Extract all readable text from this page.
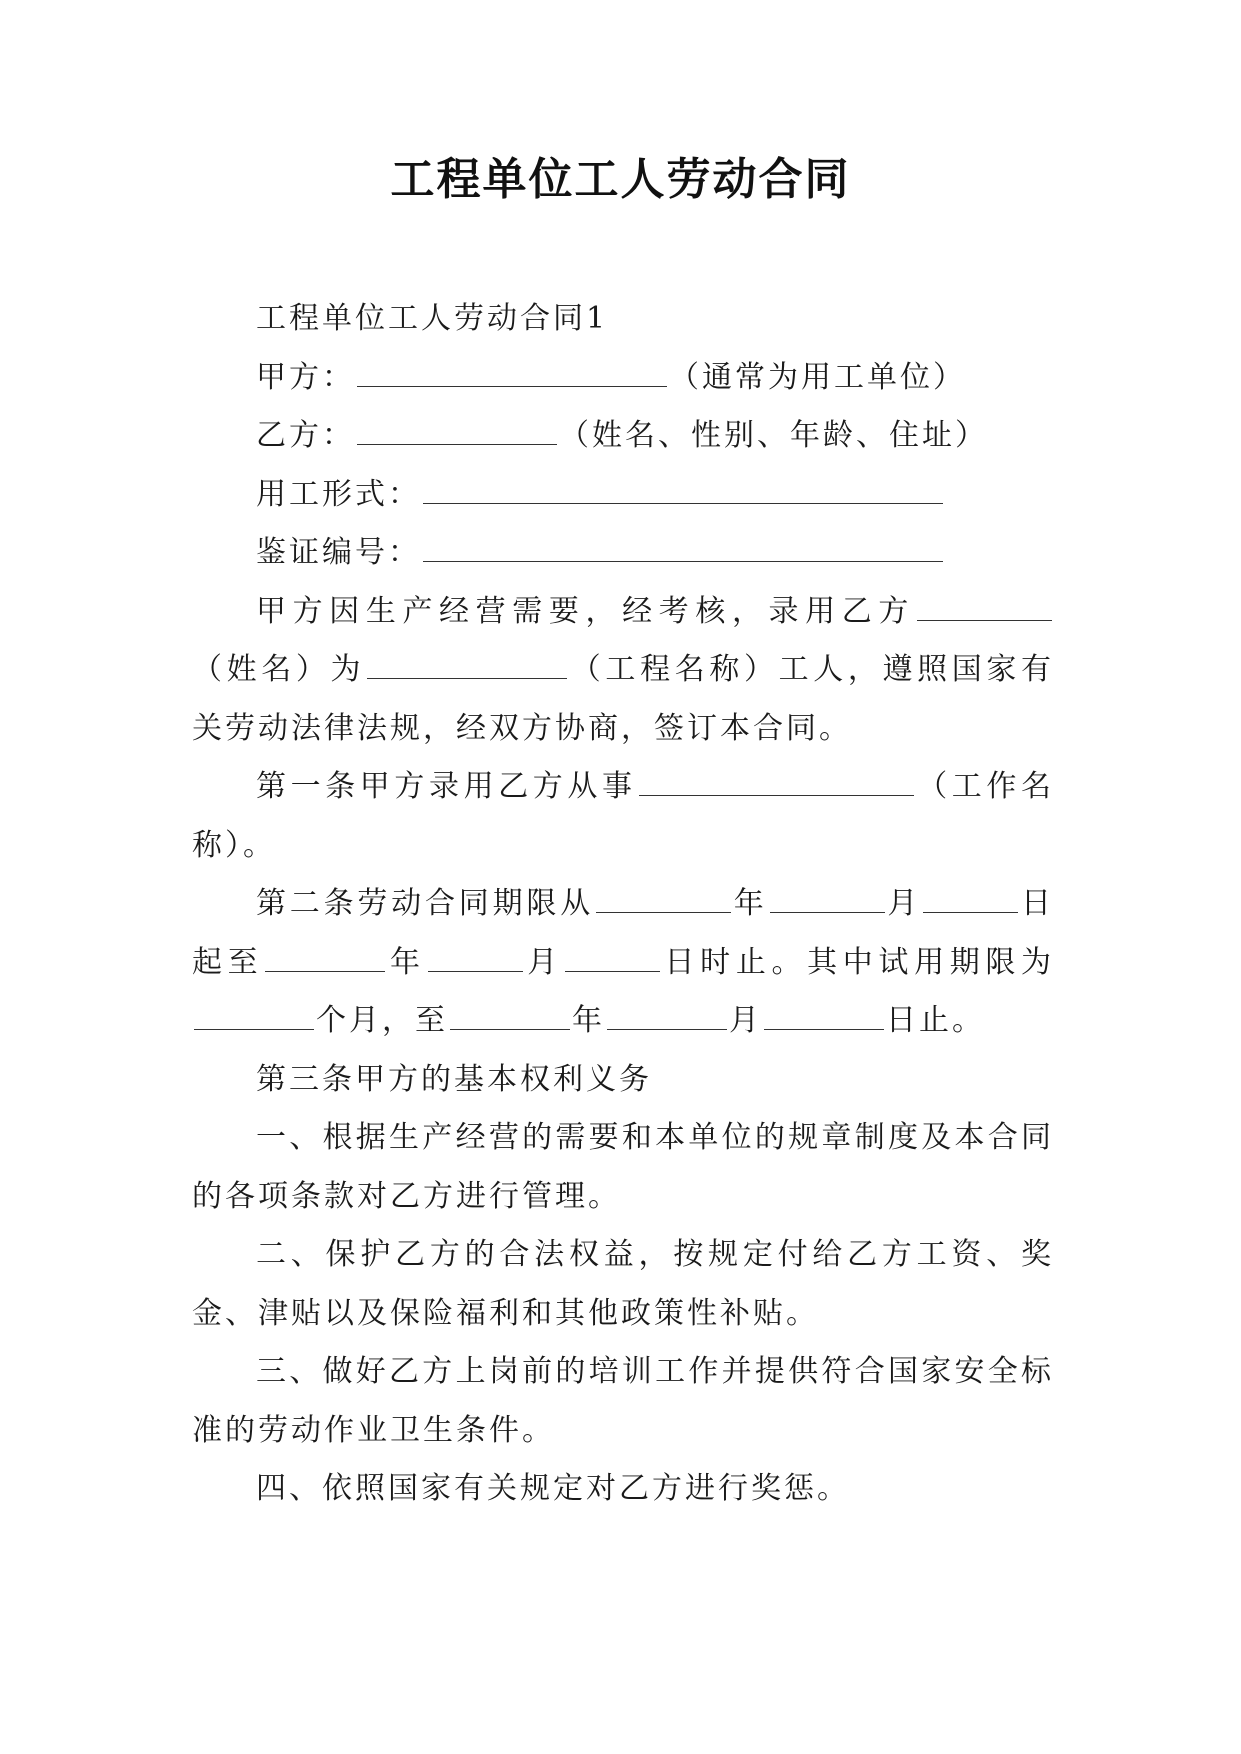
工程单位工人劳动合同

工程单位工人劳动合同1

甲方：	（通常为用工单位）

乙方：	（姓名、性别、年龄、住址）

用工形式：

鉴证编号：

甲方因生产经营需要，经考核，录用乙方（姓名）为	（工程名称）工人，遵照国家有关劳动法律法规，经双方协商，签订本合同。

第一条甲方录用乙方从事	（工作名称）。

第二条劳动合同期限从	年	月	日起至	年	月	日时止。其中试用期限为个月，至	年	月	日止。

第三条甲方的基本权利义务

一、根据生产经营的需要和本单位的规章制度及本合同的各项条款对乙方进行管理。

二、保护乙方的合法权益，按规定付给乙方工资、奖金、津贴以及保险福利和其他政策性补贴。

三、做好乙方上岗前的培训工作并提供符合国家安全标准的劳动作业卫生条件。

四、依照国家有关规定对乙方进行奖惩。
